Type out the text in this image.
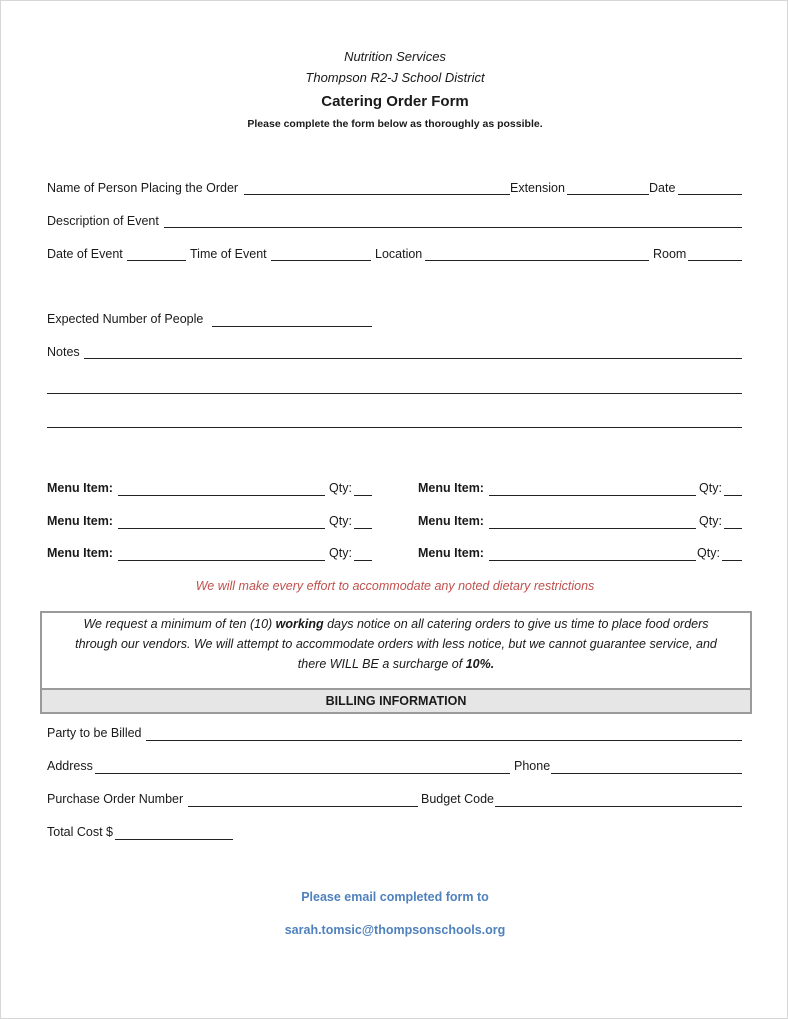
Nutrition Services
Thompson R2-J School District
Catering Order Form
Please complete the form below as thoroughly as possible.
Name of Person Placing the Order	Extension	Date
Description of Event
Date of Event	Time of Event	Location	Room
Expected Number of People
Notes
Menu Item:	Qty:
Menu Item:	Qty:
Menu Item:	Qty:
Menu Item:	Qty:
Menu Item:	Qty:
Menu Item:	Qty:
We will make every effort to accommodate any noted dietary restrictions
We request a minimum of ten (10) working days notice on all catering orders to give us time to place food orders
through our vendors. We will attempt to accommodate orders with less notice, but we cannot guarantee service, and
there WILL BE a surcharge of 10%.
BILLING INFORMATION
Party to be Billed
Address	Phone
Purchase Order Number	Budget Code
Total Cost $
Please email completed form to
sarah.tomsic@thompsonschools.org
